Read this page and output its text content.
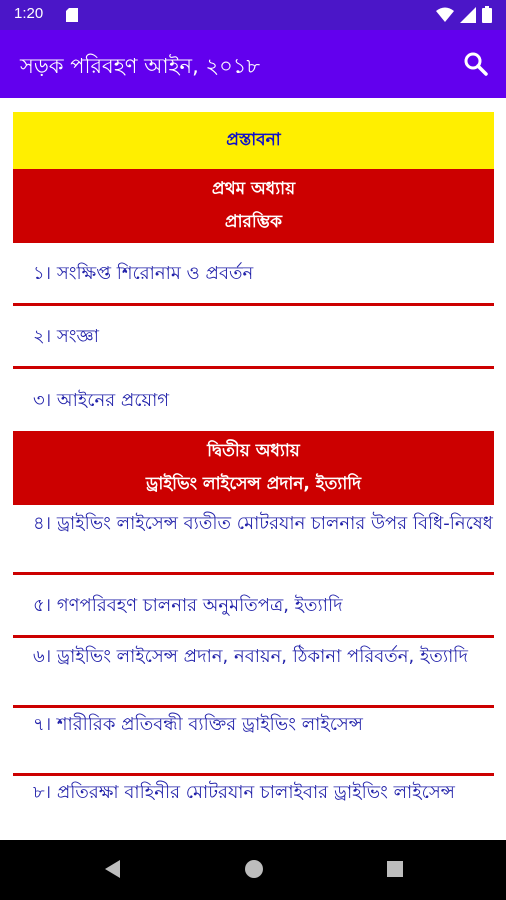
1:20
সড়ক পরিবহণ আইন, ২০১৮
প্রস্তাবনা
প্রথম অধ্যায়
প্রারম্ভিক
১। সংক্ষিপ্ত শিরোনাম ও প্রবর্তন
২। সংজ্ঞা
৩। আইনের প্রয়োগ
দ্বিতীয় অধ্যায়
ড্রাইভিং লাইসেন্স প্রদান, ইত্যাদি
৪। ড্রাইভিং লাইসেন্স ব্যতীত মোটরযান চালনার উপর বিধি-নিষেধ
৫। গণপরিবহণ চালনার অনুমতিপত্র, ইত্যাদি
৬। ড্রাইভিং লাইসেন্স প্রদান, নবায়ন, ঠিকানা পরিবর্তন, ইত্যাদি
৭। শারীরিক প্রতিবন্ধী ব্যক্তির ড্রাইভিং লাইসেন্স
৮। প্রতিরক্ষা বাহিনীর মোটরযান চালাইবার ড্রাইভিং লাইসেন্স
